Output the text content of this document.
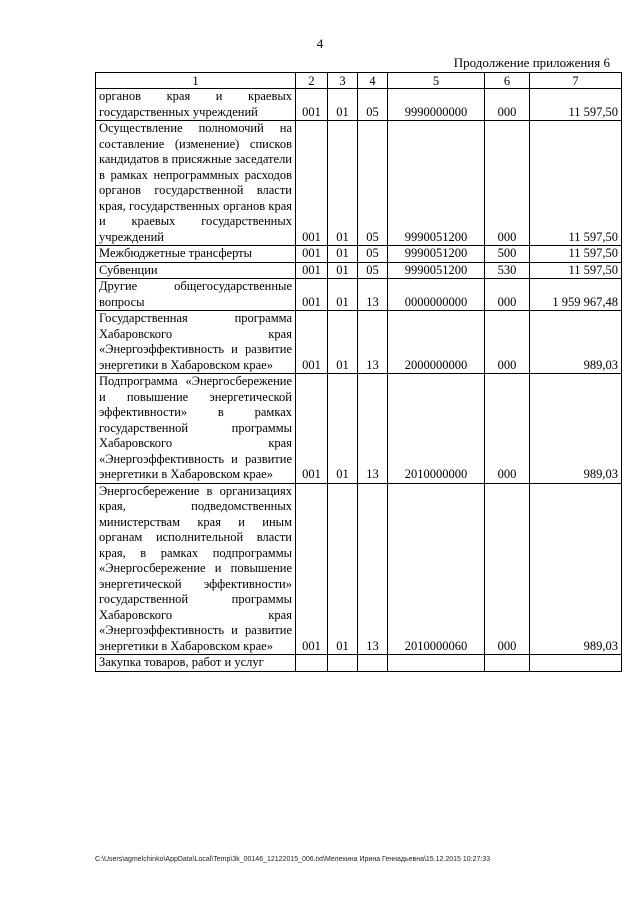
4
Продолжение приложения 6
1	2	3	4	5	6	7
органов края и краевых государственных учреждений	001	01	05	9990000000	000	11 597,50
Осуществление полномочий на составление (изменение) списков кандидатов в присяжные заседатели в рамках непрограммных расходов органов государственной власти края, государственных органов края и краевых государственных учреждений	001	01	05	9990051200	000	11 597,50
Межбюджетные трансферты	001	01	05	9990051200	500	11 597,50
Субвенции	001	01	05	9990051200	530	11 597,50
Другие общегосударственные вопросы	001	01	13	0000000000	000	1 959 967,48
Государственная программа Хабаровского края «Энергоэффективность и развитие энергетики в Хабаровском крае»	001	01	13	2000000000	000	989,03
Подпрограмма «Энергосбережение и повышение энергетической эффективности» в рамках государственной программы Хабаровского края «Энергоэффективность и развитие энергетики в Хабаровском крае»	001	01	13	2010000000	000	989,03
Энергосбережение в организациях края, подведомственных министерствам края и иным органам исполнительной власти края, в рамках подпрограммы «Энергосбережение и повышение энергетической эффективности» государственной программы Хабаровского края «Энергоэффективность и развитие энергетики в Хабаровском крае»	001	01	13	2010000060	000	989,03
Закупка товаров, работ и услуг						
C:\Users\agmelchinko\AppData\Local\Temp\3k_00146_12122015_006.txt\Мелехина Ирина Геннадьевна\15.12.2015 10:27:33
